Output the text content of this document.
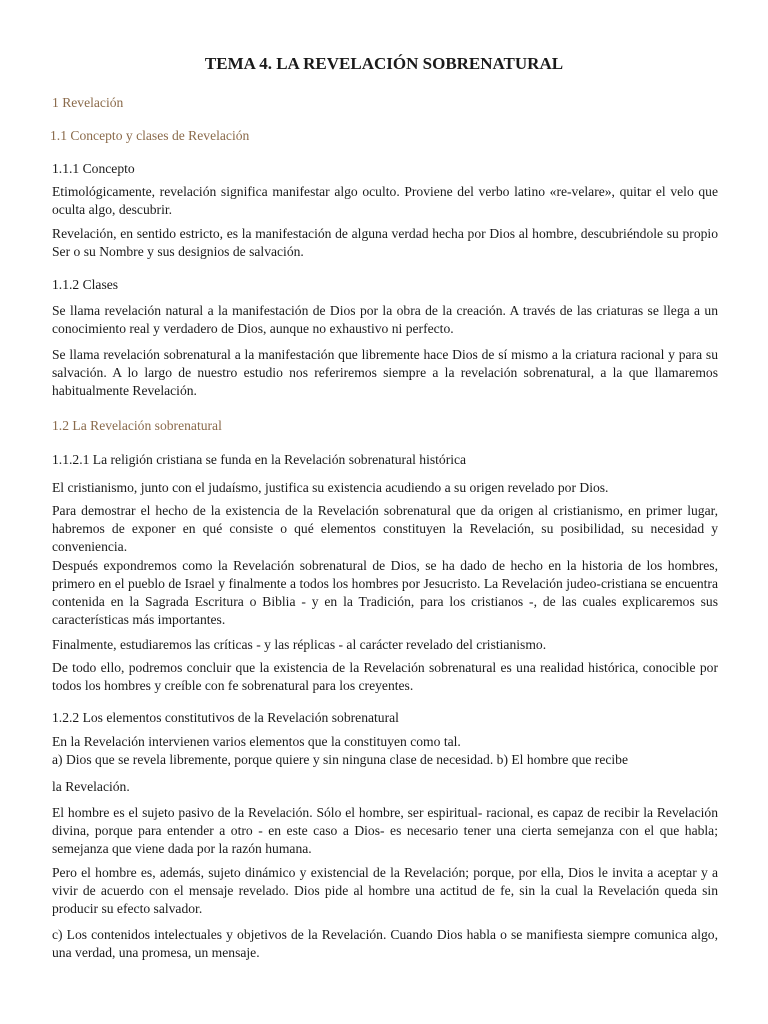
TEMA 4. LA REVELACIÓN SOBRENATURAL
1 Revelación
1.1 Concepto y clases de Revelación
1.1.1 Concepto

Etimológicamente, revelación significa manifestar algo oculto. Proviene del verbo latino «re-velare», quitar el velo que oculta algo, descubrir.

Revelación, en sentido estricto, es la manifestación de alguna verdad hecha por Dios al hombre, descubriéndole su propio Ser o su Nombre y sus designios de salvación.

1.1.2 Clases

Se llama revelación natural a la manifestación de Dios por la obra de la creación. A través de las criaturas se llega a un conocimiento real y verdadero de Dios, aunque no exhaustivo ni perfecto.

Se llama revelación sobrenatural a la manifestación que libremente hace Dios de sí mismo a la criatura racional y para su salvación. A lo largo de nuestro estudio nos referiremos siempre a la revelación sobrenatural, a la que llamaremos habitualmente Revelación.

1.2 La Revelación sobrenatural
1.1.2.1 La religión cristiana se funda en la Revelación sobrenatural histórica

El cristianismo, junto con el judaísmo, justifica su existencia acudiendo a su origen revelado por Dios.

Para demostrar el hecho de la existencia de la Revelación sobrenatural que da origen al cristianismo, en primer lugar, habremos de exponer en qué consiste o qué elementos constituyen la Revelación, su posibilidad, su necesidad y conveniencia.

Después expondremos como la Revelación sobrenatural de Dios, se ha dado de hecho en la historia de los hombres, primero en el pueblo de Israel y finalmente a todos los hombres por Jesucristo. La Revelación judeo-cristiana se encuentra contenida en la Sagrada Escritura o Biblia - y en la Tradición, para los cristianos -, de las cuales explicaremos sus características más importantes.

Finalmente, estudiaremos las críticas - y las réplicas - al carácter revelado del cristianismo.

De todo ello, podremos concluir que la existencia de la Revelación sobrenatural es una realidad histórica, conocible por todos los hombres y creíble con fe sobrenatural para los creyentes.

1.2.2 Los elementos constitutivos de la Revelación sobrenatural
En la Revelación intervienen varios elementos que la constituyen como tal.
a) Dios que se revela libremente, porque quiere y sin ninguna clase de necesidad. b) El hombre que recibe
la Revelación.

El hombre es el sujeto pasivo de la Revelación. Sólo el hombre, ser espiritual- racional, es capaz de recibir la Revelación divina, porque para entender a otro - en este caso a Dios- es necesario tener una cierta semejanza con el que habla; semejanza que viene dada por la razón humana.

Pero el hombre es, además, sujeto dinámico y existencial de la Revelación; porque, por ella, Dios le invita a aceptar y a vivir de acuerdo con el mensaje revelado. Dios pide al hombre una actitud de fe, sin la cual la Revelación queda sin producir su efecto salvador.

c) Los contenidos intelectuales y objetivos de la Revelación. Cuando Dios habla o se manifiesta siempre comunica algo, una verdad, una promesa, un mensaje.
